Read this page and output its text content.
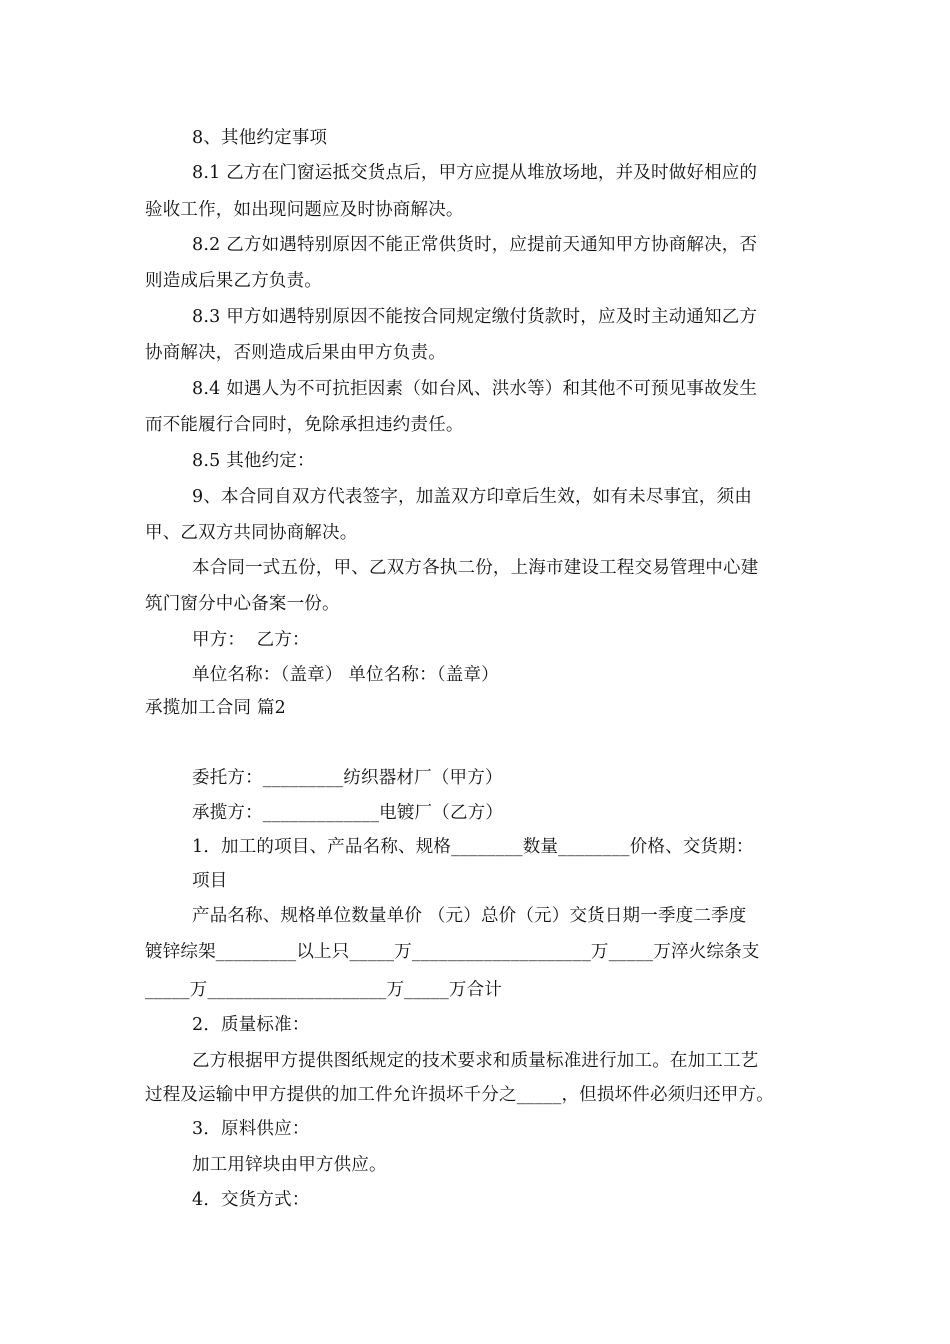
8、其他约定事项
8.1 乙方在门窗运抵交货点后，甲方应提从堆放场地，并及时做好相应的
验收工作，如出现问题应及时协商解决。
8.2 乙方如遇特别原因不能正常供货时，应提前天通知甲方协商解决，否
则造成后果乙方负责。
8.3 甲方如遇特别原因不能按合同规定缴付货款时，应及时主动通知乙方
协商解决，否则造成后果由甲方负责。
8.4 如遇人为不可抗拒因素（如台风、洪水等）和其他不可预见事故发生
而不能履行合同时，免除承担违约责任。
8.5 其他约定：
9、本合同自双方代表签字，加盖双方印章后生效，如有未尽事宜，须由
甲、乙双方共同协商解决。
本合同一式五份，甲、乙双方各执二份，上海市建设工程交易管理中心建
筑门窗分中心备案一份。
甲方：  乙方：
单位名称：（盖章） 单位名称：（盖章）
承揽加工合同 篇2
委托方：_________纺织器材厂（甲方）
承揽方：_____________电镀厂（乙方）
1．加工的项目、产品名称、规格________数量________价格、交货期：
项目
产品名称、规格单位数量单价 （元）总价（元）交货日期一季度二季度
镀锌综架_________以上只_____万____________________万_____万淬火综条支
_____万____________________万_____万合计
2．质量标准：
乙方根据甲方提供图纸规定的技术要求和质量标准进行加工。在加工工艺
过程及运输中甲方提供的加工件允许损坏千分之_____，但损坏件必须归还甲方。
3．原料供应：
加工用锌块由甲方供应。
4．交货方式：
